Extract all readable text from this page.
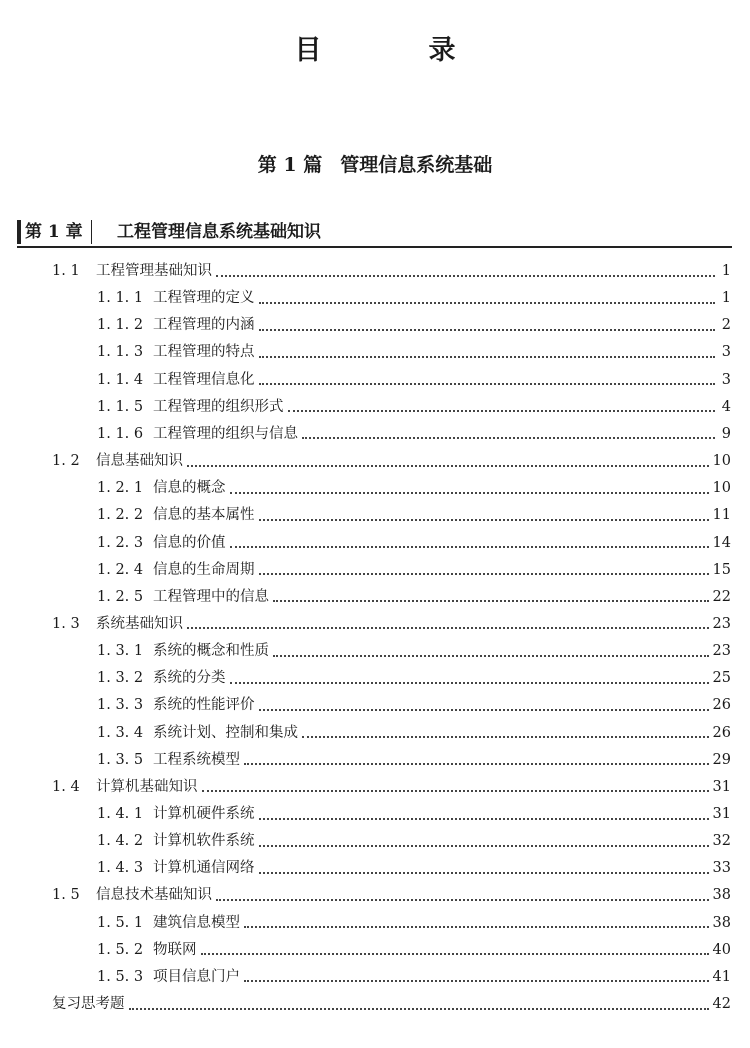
目　录
第 1 篇 管理信息系统基础
第 1 章	工程管理信息系统基础知识
1. 1	工程管理基础知识	1
1. 1. 1 工程管理的定义	1
1. 1. 2 工程管理的内涵	2
1. 1. 3 工程管理的特点	3
1. 1. 4 工程管理信息化	3
1. 1. 5 工程管理的组织形式	4
1. 1. 6 工程管理的组织与信息	9
1. 2	信息基础知识	10
1. 2. 1 信息的概念	10
1. 2. 2 信息的基本属性	11
1. 2. 3 信息的价值	14
1. 2. 4 信息的生命周期	15
1. 2. 5 工程管理中的信息	22
1. 3	系统基础知识	23
1. 3. 1 系统的概念和性质	23
1. 3. 2 系统的分类	25
1. 3. 3 系统的性能评价	26
1. 3. 4 系统计划、控制和集成	26
1. 3. 5 工程系统模型	29
1. 4	计算机基础知识	31
1. 4. 1 计算机硬件系统	31
1. 4. 2 计算机软件系统	32
1. 4. 3 计算机通信网络	33
1. 5	信息技术基础知识	38
1. 5. 1 建筑信息模型	38
1. 5. 2 物联网	40
1. 5. 3 项目信息门户	41
复习思考题	42
